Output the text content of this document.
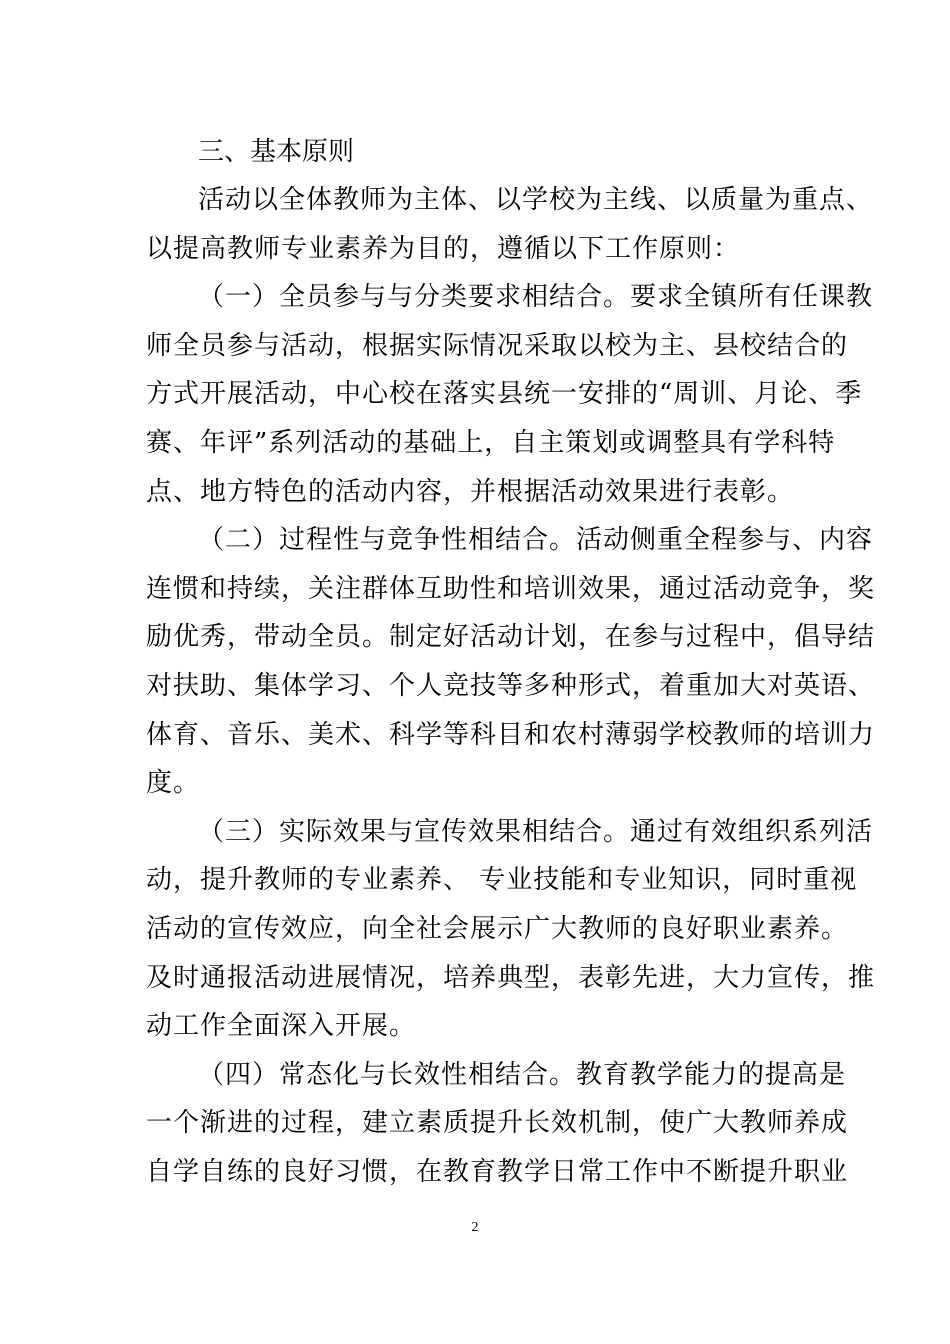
三、基本原则
活动以全体教师为主体、以学校为主线、以质量为重点、
以提高教师专业素养为目的，遵循以下工作原则：
（一）全员参与与分类要求相结合。要求全镇所有任课教
师全员参与活动，根据实际情况采取以校为主、县校结合的
方式开展活动，中心校在落实县统一安排的“周训、月论、季
赛、年评”系列活动的基础上，自主策划或调整具有学科特
点、地方特色的活动内容，并根据活动效果进行表彰。
（二）过程性与竞争性相结合。活动侧重全程参与、内容
连惯和持续，关注群体互助性和培训效果，通过活动竞争，奖
励优秀，带动全员。制定好活动计划，在参与过程中，倡导结
对扶助、集体学习、个人竞技等多种形式，着重加大对英语、
体育、音乐、美术、科学等科目和农村薄弱学校教师的培训力
度。
（三）实际效果与宣传效果相结合。通过有效组织系列活
动，提升教师的专业素养、 专业技能和专业知识，同时重视
活动的宣传效应，向全社会展示广大教师的良好职业素养。
及时通报活动进展情况，培养典型，表彰先进，大力宣传，推
动工作全面深入开展。
（四）常态化与长效性相结合。教育教学能力的提高是
一个渐进的过程，建立素质提升长效机制，使广大教师养成
自学自练的良好习惯，在教育教学日常工作中不断提升职业
2
